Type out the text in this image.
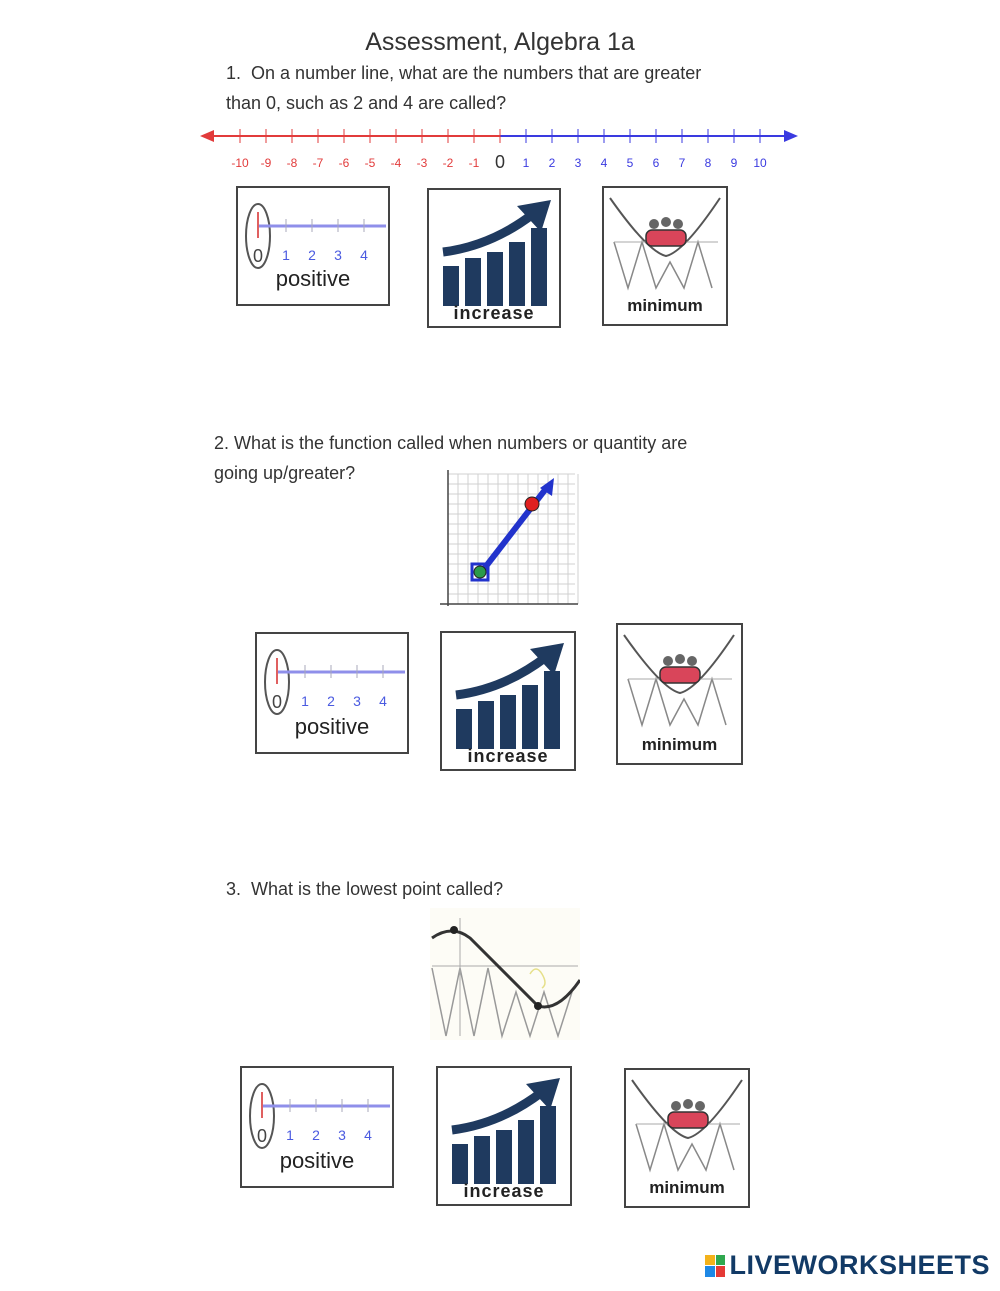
Assessment, Algebra 1a
1. On a number line, what are the numbers that are greater
than 0, such as 2 and 4 are called?
-10 -9 -8 -7 -6 -5 -4 -3 -2 -1 0 1 2 3 4 5 6 7 8 9 10
0 1 2 3 4
positive
increase	minimum
2. What is the function called when numbers or quantity are
going up/greater?
0 1 2 3 4
positive
increase
minimum
3. What is the lowest point called?
0 1 2 3 4
positive
increase	minimum
LIVEWORKSHEETS
